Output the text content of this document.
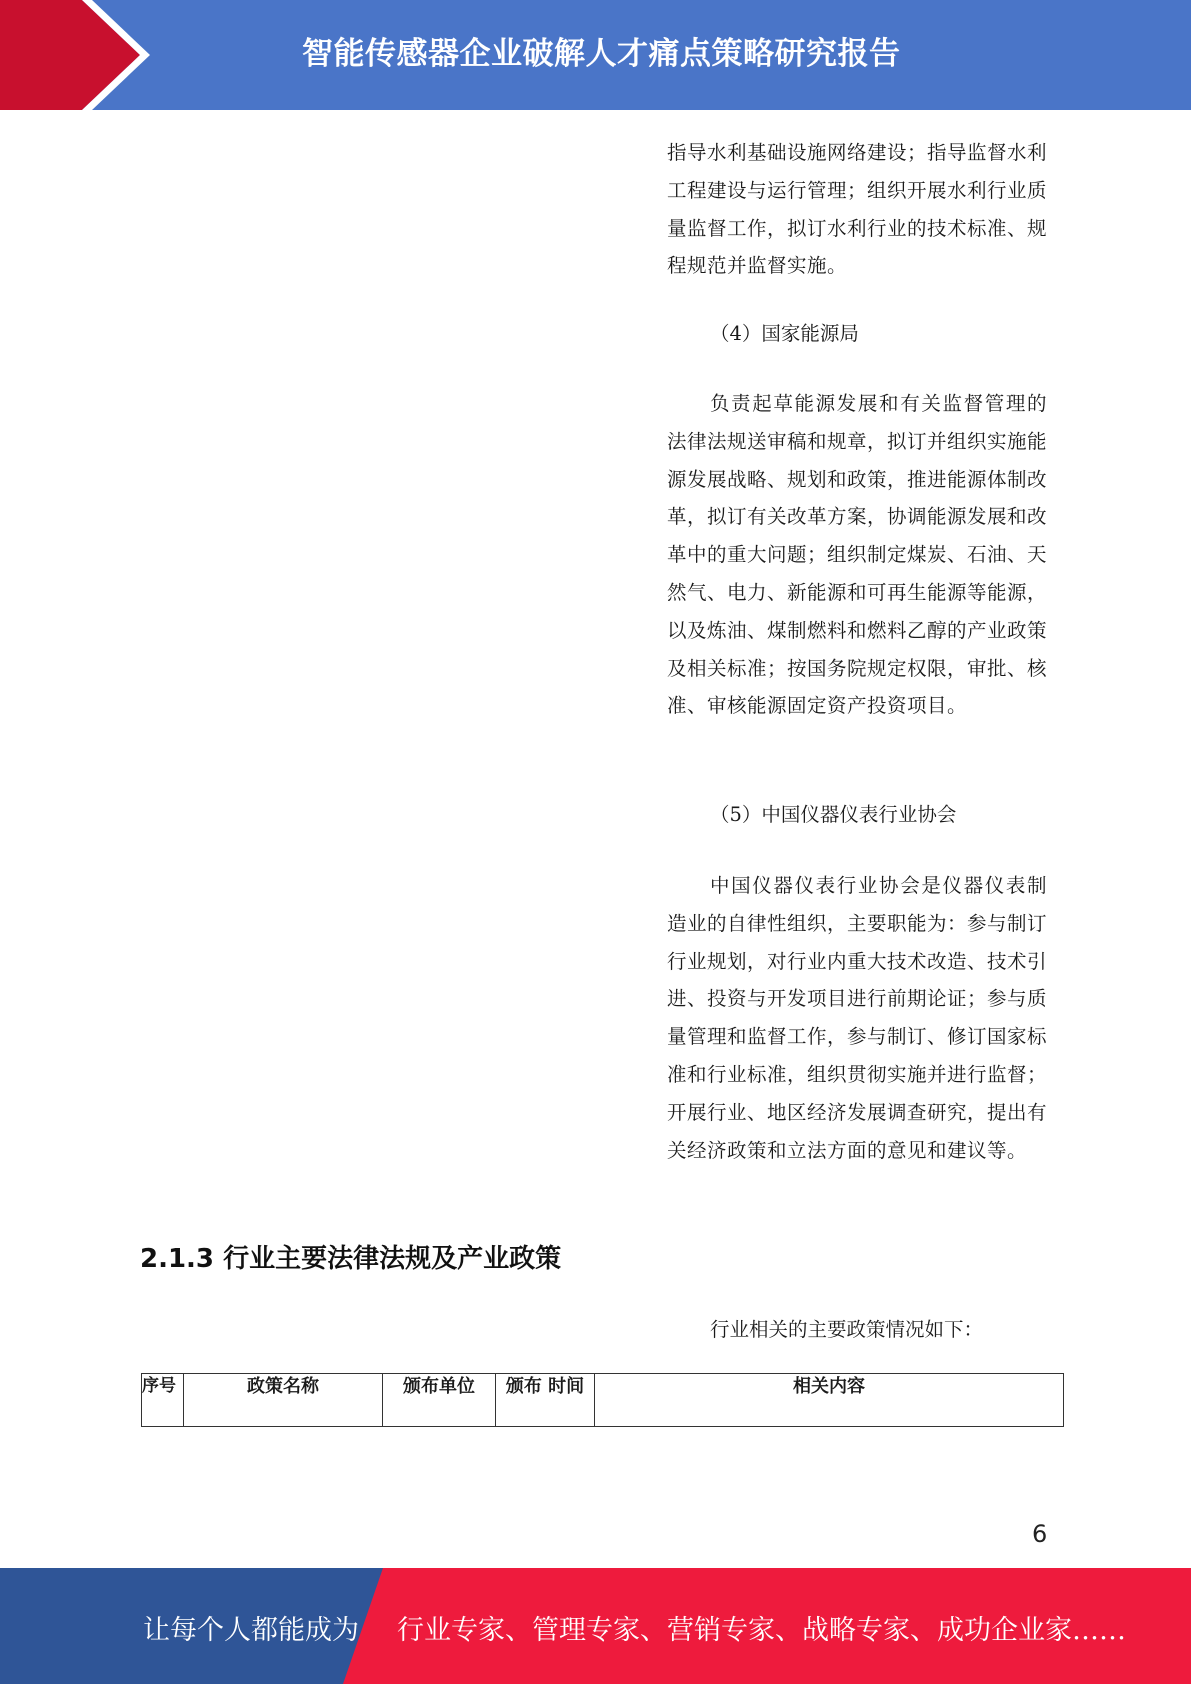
智能传感器企业破解人才痛点策略研究报告

指导水利基础设施网络建设；指导监督水利工程建设与运行管理；组织开展水利行业质量监督工作，拟订水利行业的技术标准、规程规范并监督实施。

（4）国家能源局

负责起草能源发展和有关监督管理的法律法规送审稿和规章，拟订并组织实施能源发展战略、规划和政策，推进能源体制改革，拟订有关改革方案，协调能源发展和改革中的重大问题；组织制定煤炭、石油、天然气、电力、新能源和可再生能源等能源，以及炼油、煤制燃料和燃料乙醇的产业政策及相关标准；按国务院规定权限，审批、核准、审核能源固定资产投资项目。

（5）中国仪器仪表行业协会

中国仪器仪表行业协会是仪器仪表制造业的自律性组织，主要职能为：参与制订行业规划，对行业内重大技术改造、技术引进、投资与开发项目进行前期论证；参与质量管理和监督工作，参与制订、修订国家标准和行业标准，组织贯彻实施并进行监督；开展行业、地区经济发展调查研究，提出有关经济政策和立法方面的意见和建议等。

2.1.3 行业主要法律法规及产业政策
行业相关的主要政策情况如下：
序号	政策名称	颁布单位	颁布 时间	相关内容
6
让每个人都能成为 行业专家、管理专家、营销专家、战略专家、成功企业家……
